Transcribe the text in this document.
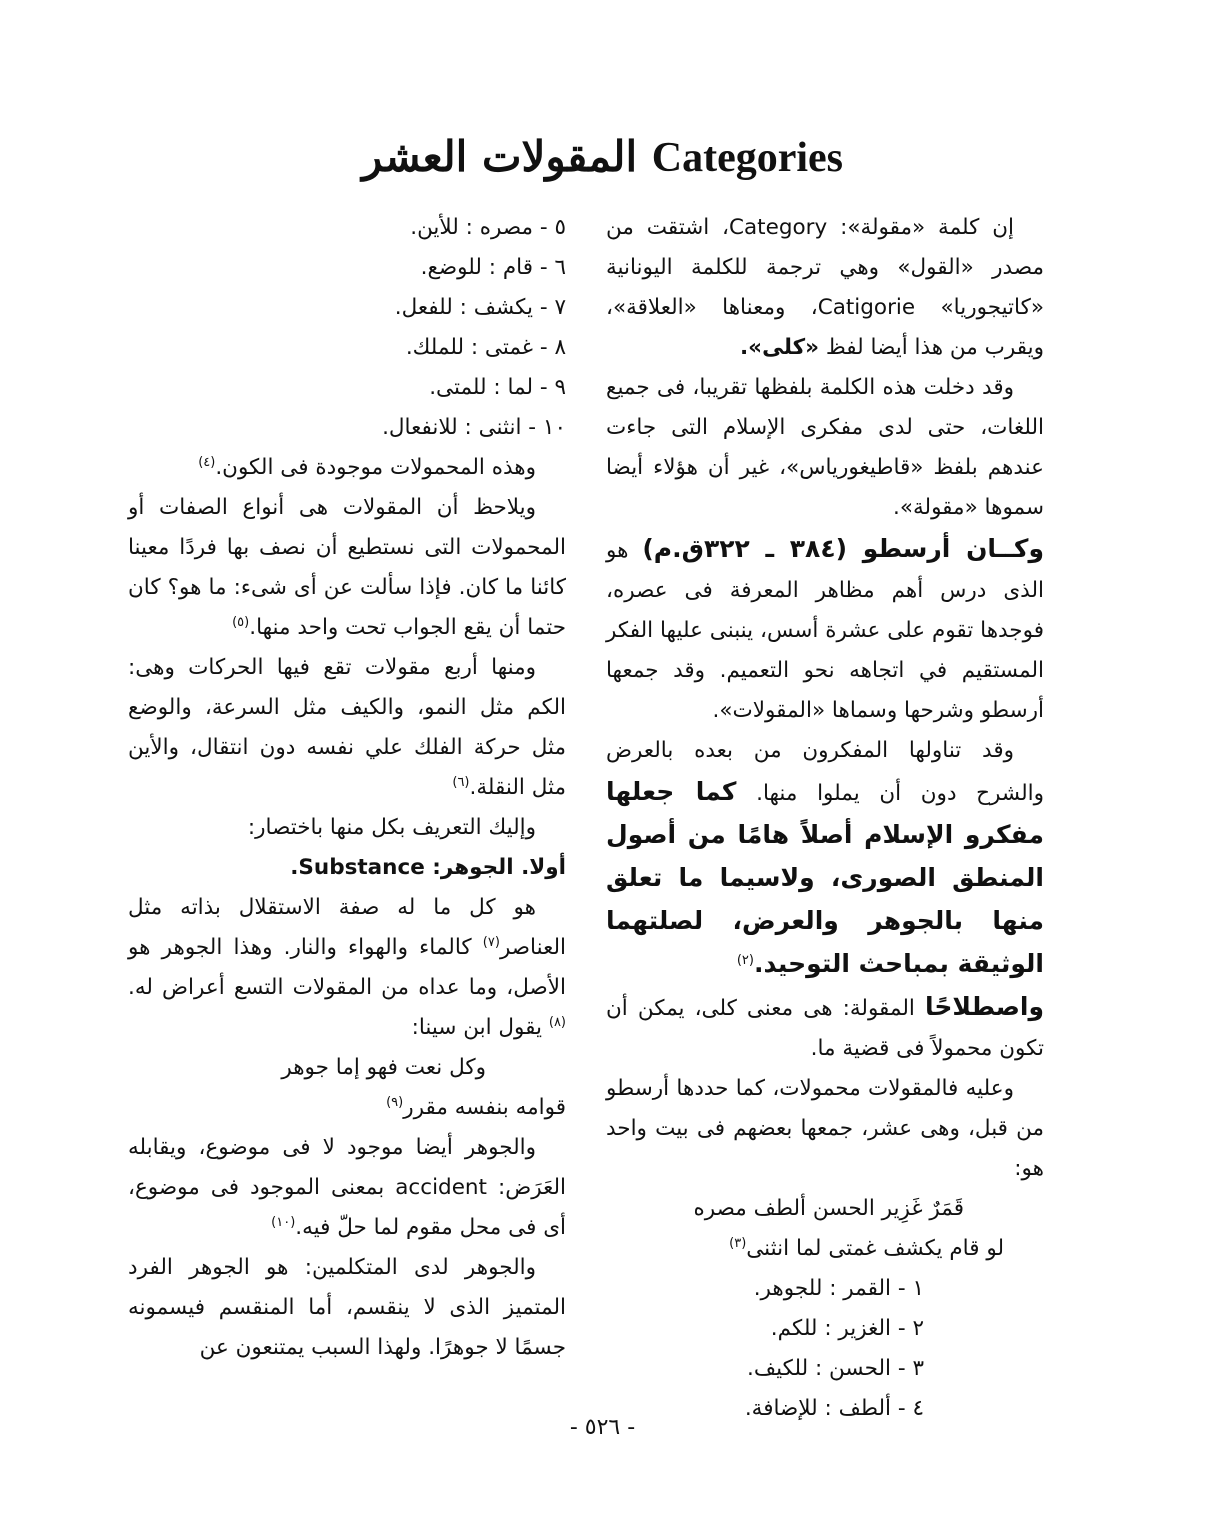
المقولات العشر Categories

إن كلمة «مقولة»: Category، اشتقت من مصدر «القول» وهي ترجمة للكلمة اليونانية «كاتيجوريا» Catigorie، ومعناها «العلاقة»، ويقرب من هذا أيضا لفظ «كلى».

وقد دخلت هذه الكلمة بلفظها تقريبا، فى جميع اللغات، حتى لدى مفكرى الإسلام التى جاءت عندهم بلفظ «قاطيغورياس»، غير أن هؤلاء أيضا سموها «مقولة».

وكــان أرسطو (٣٨٤ ـ ٣٢٢ق.م) هو الذى درس أهم مظاهر المعرفة فى عصره، فوجدها تقوم على عشرة أسس، ينبنى عليها الفكر المستقيم في اتجاهه نحو التعميم. وقد جمعها أرسطو وشرحها وسماها «المقولات».

وقد تناولها المفكرون من بعده بالعرض والشرح دون أن يملوا منها. كما جعلها مفكرو الإسلام أصلاً هامًا من أصول المنطق الصورى، ولاسيما ما تعلق منها بالجوهر والعرض، لصلتهما الوثيقة بمباحث التوحيد.$^{(٢)}$

واصطلاحًا المقولة: هى معنى كلى، يمكن أن تكون محمولاً فى قضية ما.

وعليه فالمقولات محمولات، كما حددها أرسطو من قبل، وهى عشر، جمعها بعضهم فى بيت واحد هو:

قَمَرٌ غَزِير الحسن ألطف مصره

لو قام يكشف غمتى لما انثنى$^{(٣)}$

١ - القمر : للجوهر.

٢ - الغزير : للكم.

٣ - الحسن : للكيف.

٤ - ألطف : للإضافة.

٥ - مصره : للأين.

٦ - قام : للوضع.

٧ - يكشف : للفعل.

٨ - غمتى : للملك.

٩ - لما : للمتى.

١٠ - انثنى : للانفعال.

وهذه المحمولات موجودة فى الكون.$^{(٤)}$

ويلاحظ أن المقولات هى أنواع الصفات أو المحمولات التى نستطيع أن نصف بها فردًا معينا كائنا ما كان. فإذا سألت عن أى شىء: ما هو؟ كان حتما أن يقع الجواب تحت واحد منها.$^{(٥)}$

ومنها أربع مقولات تقع فيها الحركات وهى: الكم مثل النمو، والكيف مثل السرعة، والوضع مثل حركة الفلك علي نفسه دون انتقال، والأين مثل النقلة.$^{(٦)}$

وإليك التعريف بكل منها باختصار:

أولا. الجوهر: Substance.

هو كل ما له صفة الاستقلال بذاته مثل العناصر$^{(٧)}$ كالماء والهواء والنار. وهذا الجوهر هو الأصل، وما عداه من المقولات التسع أعراض له.$^{(٨)}$ يقول ابن سينا:

وكل نعت فهو إما جوهر

قوامه بنفسه مقرر$^{(٩)}$

والجوهر أيضا موجود لا فى موضوع، ويقابله العَرَض: accident بمعنى الموجود فى موضوع، أى فى محل مقوم لما حلّ فيه.$^{(١٠)}$

والجوهر لدى المتكلمين: هو الجوهر الفرد المتميز الذى لا ينقسم، أما المنقسم فيسمونه جسمًا لا جوهرًا. ولهذا السبب يمتنعون عن

- ٥٢٦ -
